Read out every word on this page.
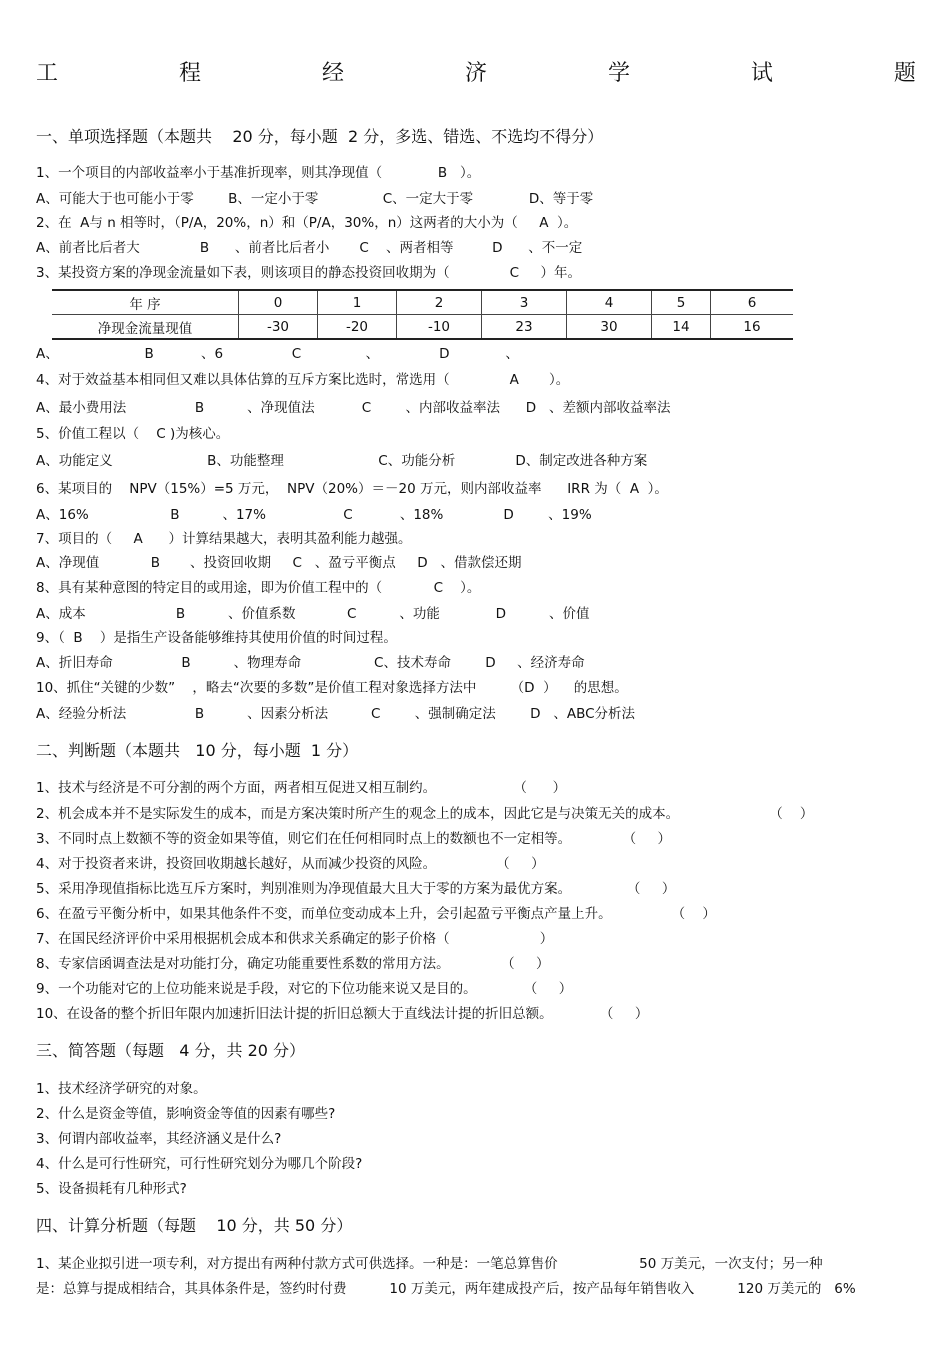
工	程	经	济	学	试	题
一、单项选择题（本题共    20 分，每小题  2 分，多选、错选、不选均不得分）
1、一个项目的内部收益率小于基准折现率，则其净现值（             B   ）。
A、可能大于也可能小于零        B、一定小于零               C、一定大于零             D、等于零
2、在  A与 n 相等时，（P/A，20%，n）和（P/A，30%，n）这两者的大小为（     A  ）。
A、前者比后者大              B      、前者比后者小       C    、两者相等         D      、不一定
3、某投资方案的净现金流量如下表，则该项目的静态投资回收期为（              C     ）年。
年 序	0	1	2	3	4	5	6
净现金流量现值	-30	-20	-10	23	30	14	16
A、                    B           、6                C               、              D             、
4、对于效益基本相同但又难以具体估算的互斥方案比选时，常选用（              A       ）。
A、最小费用法                B          、净现值法           C        、内部收益率法      D   、差额内部收益率法
5、价值工程以（    C )为核心。
A、功能定义                      B、功能整理                      C、功能分析              D、制定改进各种方案
6、某项目的    NPV（15%）=5 万元，  NPV（20%）＝－20 万元，则内部收益率      IRR 为（  A  ）。
A、16%                   B          、17%                  C           、18%              D        、19%
7、项目的（     A      ）计算结果越大，表明其盈利能力越强。
A、净现值            B       、投资回收期     C   、盈亏平衡点     D   、借款偿还期
8、具有某种意图的特定目的或用途，即为价值工程中的（            C    ）。
A、成本                     B          、价值系数            C          、功能             D          、价值
9、（  B    ）是指生产设备能够维持其使用价值的时间过程。
A、折旧寿命                B          、物理寿命                 C、技术寿命        D     、经济寿命
10、抓住“关键的少数”    ，略去“次要的多数”是价值工程对象选择方法中        （D  ）    的思想。
A、经验分析法                B          、因素分析法          C        、强制确定法        D   、ABC分析法
二、判断题（本题共   10 分，每小题  1 分）
1、技术与经济是不可分割的两个方面，两者相互促进又相互制约。                  （      ）
2、机会成本并不是实际发生的成本，而是方案决策时所产生的观念上的成本，因此它是与决策无关的成本。                     （    ）
3、不同时点上数额不等的资金如果等值，则它们在任何相同时点上的数额也不一定相等。            （     ）
4、对于投资者来讲，投资回收期越长越好，从而减少投资的风险。              （     ）
5、采用净现值指标比选互斥方案时，判别准则为净现值最大且大于零的方案为最优方案。             （     ）
6、在盈亏平衡分析中，如果其他条件不变，而单位变动成本上升，会引起盈亏平衡点产量上升。              （    ）
7、在国民经济评价中采用根据机会成本和供求关系确定的影子价格（                     ）
8、专家信函调查法是对功能打分，确定功能重要性系数的常用方法。            （     ）
9、一个功能对它的上位功能来说是手段，对它的下位功能来说又是目的。           （     ）
10、在设备的整个折旧年限内加速折旧法计提的折旧总额大于直线法计提的折旧总额。           （     ）
三、简答题（每题   4 分，共 20 分）
1、技术经济学研究的对象。
2、什么是资金等值，影响资金等值的因素有哪些?
3、何谓内部收益率，其经济涵义是什么?
4、什么是可行性研究，可行性研究划分为哪几个阶段?
5、设备损耗有几种形式?
四、计算分析题（每题    10 分，共 50 分）
1、某企业拟引进一项专利，对方提出有两种付款方式可供选择。一种是：一笔总算售价                   50 万美元，一次支付；另一种
是：总算与提成相结合，其具体条件是，签约时付费          10 万美元，两年建成投产后，按产品每年销售收入          120 万美元的   6%
